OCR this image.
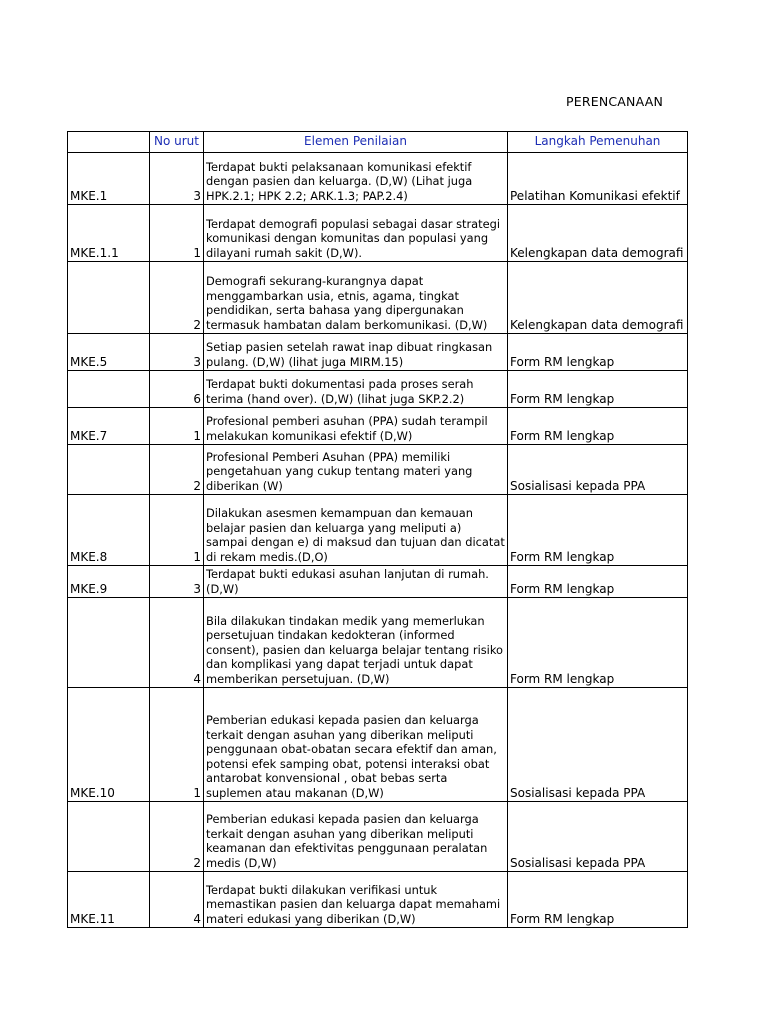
PERENCANAAN
	No urut	Elemen Penilaian	Langkah Pemenuhan
MKE.1	3	Terdapat bukti pelaksanaan komunikasi efektif dengan pasien dan keluarga. (D,W) (Lihat juga HPK.2.1; HPK 2.2; ARK.1.3; PAP.2.4)	Pelatihan Komunikasi efektif
MKE.1.1	1	Terdapat demografi populasi sebagai dasar strategi komunikasi dengan komunitas dan populasi yang dilayani rumah sakit (D,W).	Kelengkapan data demografi
	2	Demografi sekurang-kurangnya dapat menggambarkan usia, etnis, agama, tingkat pendidikan, serta bahasa yang dipergunakan termasuk hambatan dalam berkomunikasi. (D,W)	Kelengkapan data demografi
MKE.5	3	Setiap pasien setelah rawat inap dibuat ringkasan pulang. (D,W) (lihat juga MIRM.15)	Form RM lengkap
	6	Terdapat bukti dokumentasi pada proses serah terima (hand over). (D,W) (lihat juga SKP.2.2)	Form RM lengkap
MKE.7	1	Profesional pemberi asuhan (PPA) sudah terampil melakukan komunikasi efektif (D,W)	Form RM lengkap
	2	Profesional Pemberi Asuhan (PPA) memiliki pengetahuan yang cukup tentang materi yang diberikan (W)	Sosialisasi kepada PPA
MKE.8	1	Dilakukan asesmen kemampuan dan kemauan belajar pasien dan keluarga yang meliputi a) sampai dengan e) di maksud dan tujuan dan dicatat di rekam medis.(D,O)	Form RM lengkap
MKE.9	3	Terdapat bukti edukasi asuhan lanjutan di rumah. (D,W)	Form RM lengkap
	4	Bila dilakukan tindakan medik yang memerlukan persetujuan tindakan kedokteran (informed consent), pasien dan keluarga belajar tentang risiko dan komplikasi yang dapat terjadi untuk dapat memberikan persetujuan. (D,W)	Form RM lengkap
MKE.10	1	Pemberian edukasi kepada pasien dan keluarga terkait dengan asuhan yang diberikan meliputi penggunaan obat-obatan secara efektif dan aman, potensi efek samping obat, potensi interaksi obat antarobat konvensional , obat bebas serta suplemen atau makanan (D,W)	Sosialisasi kepada PPA
	2	Pemberian edukasi kepada pasien dan keluarga terkait dengan asuhan yang diberikan meliputi keamanan dan efektivitas penggunaan peralatan medis (D,W)	Sosialisasi kepada PPA
MKE.11	4	Terdapat bukti dilakukan verifikasi untuk memastikan pasien dan keluarga dapat memahami materi edukasi yang diberikan (D,W)	Form RM lengkap
